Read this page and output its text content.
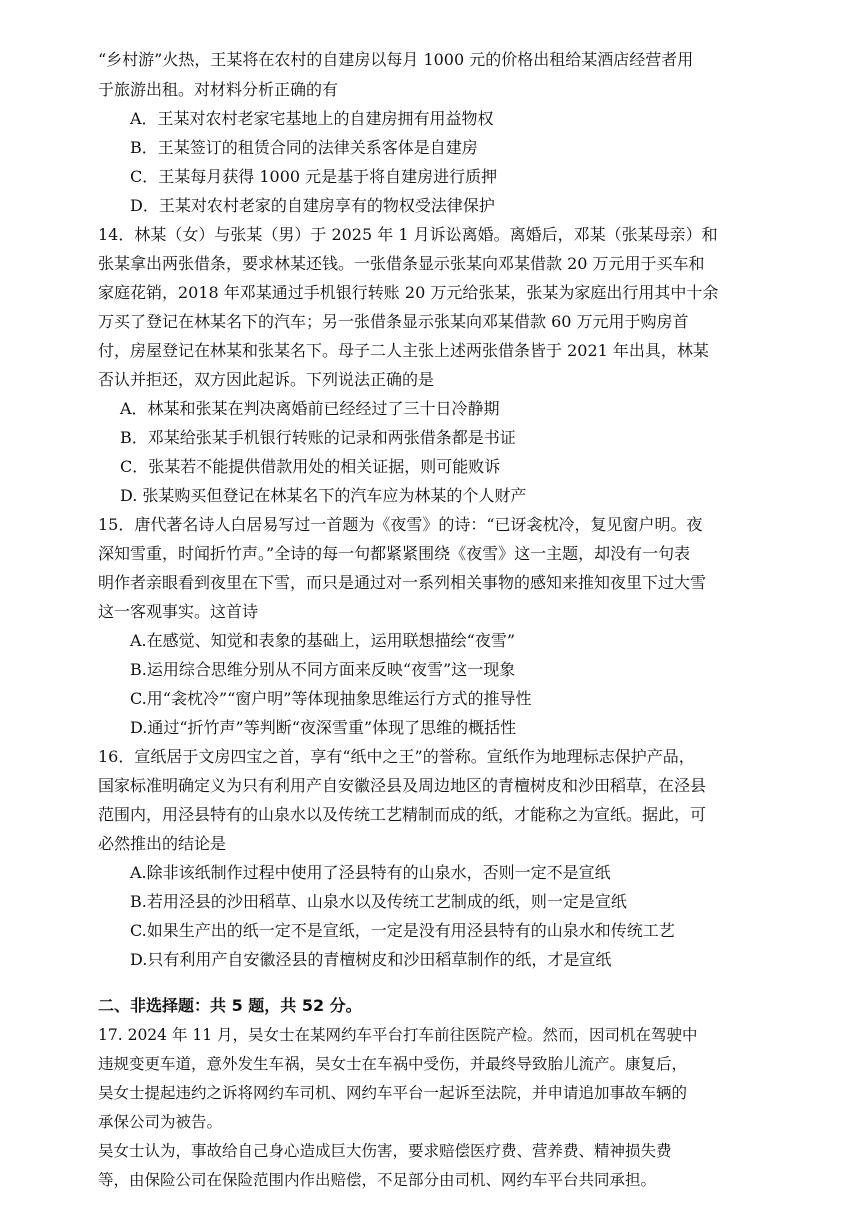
“乡村游”火热，王某将在农村的自建房以每月 1000 元的价格出租给某酒店经营者用
于旅游出租。对材料分析正确的有
A．王某对农村老家宅基地上的自建房拥有用益物权
B．王某签订的租赁合同的法律关系客体是自建房
C．王某每月获得 1000 元是基于将自建房进行质押
D．王某对农村老家的自建房享有的物权受法律保护
14．林某（女）与张某（男）于 2025 年 1 月诉讼离婚。离婚后，邓某（张某母亲）和
张某拿出两张借条，要求林某还钱。一张借条显示张某向邓某借款 20 万元用于买车和
家庭花销，2018 年邓某通过手机银行转账 20 万元给张某，张某为家庭出行用其中十余
万买了登记在林某名下的汽车；另一张借条显示张某向邓某借款 60 万元用于购房首
付，房屋登记在林某和张某名下。母子二人主张上述两张借条皆于 2021 年出具，林某
否认并拒还，双方因此起诉。下列说法正确的是
A．林某和张某在判决离婚前已经经过了三十日冷静期
B．邓某给张某手机银行转账的记录和两张借条都是书证
C．张某若不能提供借款用处的相关证据，则可能败诉
D. 张某购买但登记在林某名下的汽车应为林某的个人财产
15．唐代著名诗人白居易写过一首题为《夜雪》的诗：“已讶衾枕冷，复见窗户明。夜
深知雪重，时闻折竹声。”全诗的每一句都紧紧围绕《夜雪》这一主题，却没有一句表
明作者亲眼看到夜里在下雪，而只是通过对一系列相关事物的感知来推知夜里下过大雪
这一客观事实。这首诗
A.在感觉、知觉和表象的基础上，运用联想描绘“夜雪”
B.运用综合思维分别从不同方面来反映“夜雪”这一现象
C.用“衾枕冷”“窗户明”等体现抽象思维运行方式的推导性
D.通过“折竹声”等判断“夜深雪重”体现了思维的概括性
16．宣纸居于文房四宝之首，享有“纸中之王”的誉称。宣纸作为地理标志保护产品，
国家标准明确定义为只有利用产自安徽泾县及周边地区的青檀树皮和沙田稻草，在泾县
范围内，用泾县特有的山泉水以及传统工艺精制而成的纸，才能称之为宣纸。据此，可
必然推出的结论是
A.除非该纸制作过程中使用了泾县特有的山泉水，否则一定不是宣纸
B.若用泾县的沙田稻草、山泉水以及传统工艺制成的纸，则一定是宣纸
C.如果生产出的纸一定不是宣纸，一定是没有用泾县特有的山泉水和传统工艺
D.只有利用产自安徽泾县的青檀树皮和沙田稻草制作的纸，才是宣纸
二、非选择题：共 5 题，共 52 分。
17. 2024 年 11 月，吴女士在某网约车平台打车前往医院产检。然而，因司机在驾驶中
违规变更车道，意外发生车祸，吴女士在车祸中受伤，并最终导致胎儿流产。康复后，
吴女士提起违约之诉将网约车司机、网约车平台一起诉至法院，并申请追加事故车辆的
承保公司为被告。
吴女士认为，事故给自己身心造成巨大伤害，要求赔偿医疗费、营养费、精神损失费
等，由保险公司在保险范围内作出赔偿，不足部分由司机、网约车平台共同承担。
